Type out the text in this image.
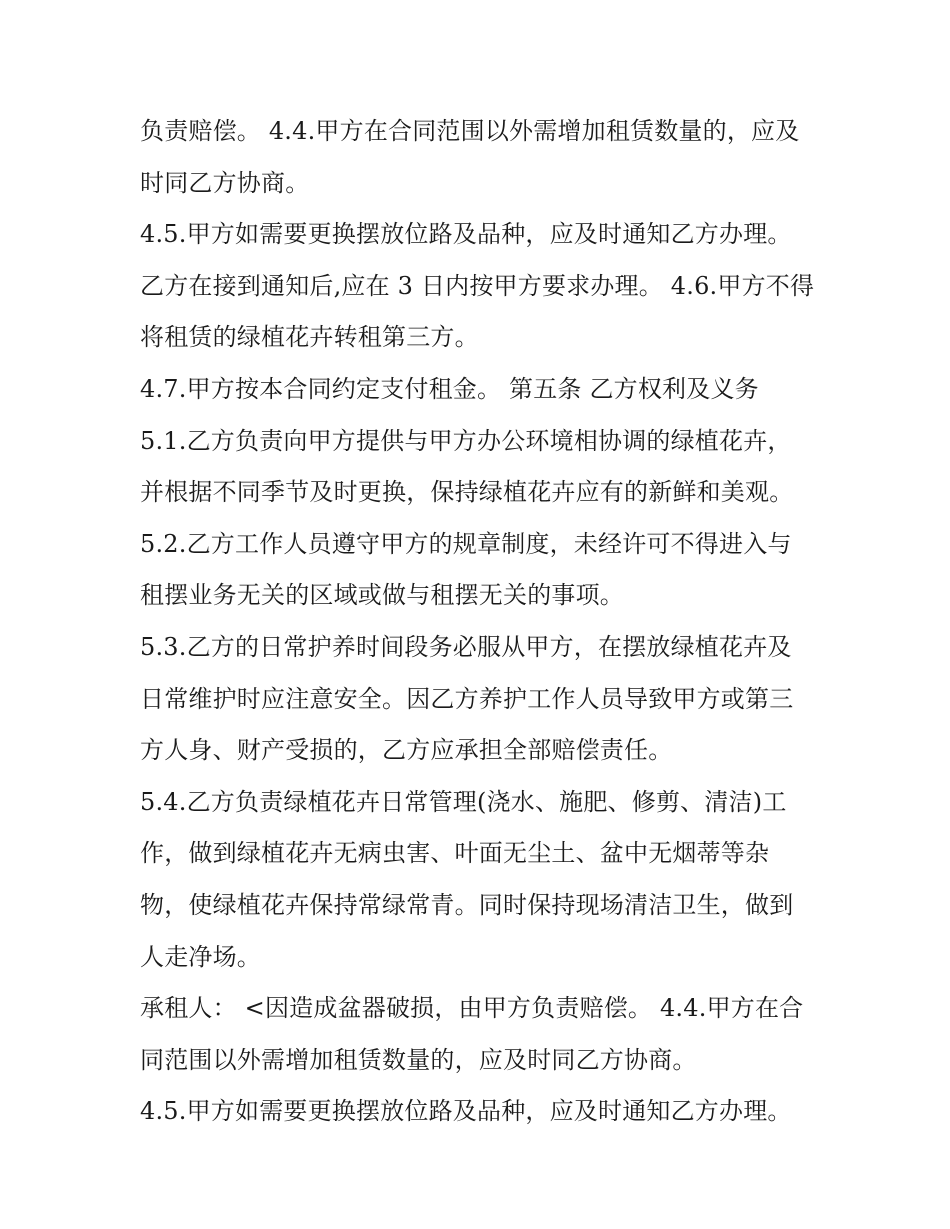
负责赔偿。 4.4.甲方在合同范围以外需增加租赁数量的，应及
时同乙方协商。
4.5.甲方如需要更换摆放位路及品种，应及时通知乙方办理。
乙方在接到通知后,应在 3 日内按甲方要求办理。 4.6.甲方不得
将租赁的绿植花卉转租第三方。
4.7.甲方按本合同约定支付租金。 第五条 乙方权利及义务
5.1.乙方负责向甲方提供与甲方办公环境相协调的绿植花卉，
并根据不同季节及时更换，保持绿植花卉应有的新鲜和美观。
5.2.乙方工作人员遵守甲方的规章制度，未经许可不得进入与
租摆业务无关的区域或做与租摆无关的事项。
5.3.乙方的日常护养时间段务必服从甲方，在摆放绿植花卉及
日常维护时应注意安全。因乙方养护工作人员导致甲方或第三
方人身、财产受损的，乙方应承担全部赔偿责任。
5.4.乙方负责绿植花卉日常管理(浇水、施肥、修剪、清洁)工
作，做到绿植花卉无病虫害、叶面无尘土、盆中无烟蒂等杂
物，使绿植花卉保持常绿常青。同时保持现场清洁卫生，做到
人走净场。
承租人： <因造成盆器破损，由甲方负责赔偿。 4.4.甲方在合
同范围以外需增加租赁数量的，应及时同乙方协商。
4.5.甲方如需要更换摆放位路及品种，应及时通知乙方办理。
